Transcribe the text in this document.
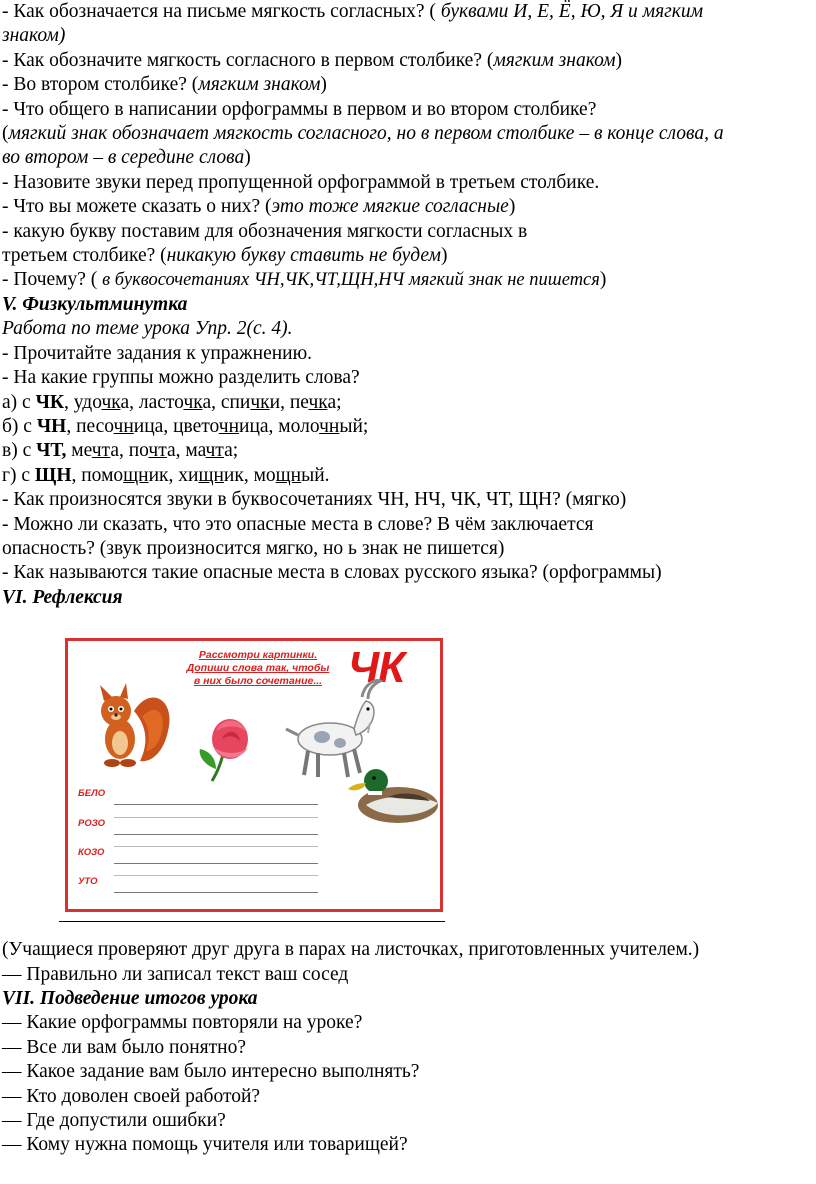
- Как обозначается на письме мягкость согласных? ( буквами И, Е, Ё, Ю, Я и мягким
знаком)
- Как обозначите мягкость согласного в первом столбике? (мягким знаком)
- Во втором столбике? (мягким знаком)
- Что общего в написании орфограммы в первом и во втором столбике?
(мягкий знак обозначает мягкость согласного, но в первом столбике – в конце слова, а
во втором – в середине слова)
- Назовите звуки перед пропущенной орфограммой в третьем столбике.
- Что вы можете сказать о них? (это тоже мягкие согласные)
- какую букву поставим для обозначения мягкости согласных в
третьем столбике? (никакую букву ставить не будем)
- Почему? ( в буквосочетаниях ЧН,ЧК,ЧТ,ЩН,НЧ мягкий знак не пишется)
V. Физкультминутка
Работа по теме урока Упр. 2(с. 4).
- Прочитайте задания к упражнению.
- На какие группы можно разделить слова?
а) с ЧК, удочка, ласточка, спички, печка;
б) с ЧН, песочница, цветочница, молочный;
в) с ЧТ, мечта, почта, мачта;
г) с ЩН, помощник, хищник, мощный.
- Как произносятся звуки в буквосочетаниях ЧН, НЧ, ЧК, ЧТ, ЩН? (мягко)
- Можно ли сказать, что это опасные места в слове? В чём заключается
опасность? (звук произносится мягко, но ь знак не пишется)
- Как называются такие опасные места в словах русского языка? (орфограммы)
VI. Рефлексия
Рассмотри картинки.
Допиши слова так, чтобы
в них было сочетание... ЧК
БЕЛО
РОЗО
КОЗО
УТО
(Учащиеся проверяют друг друга в парах на листочках, приготовленных учителем.)
— Правильно ли записал текст ваш сосед
VII. Подведение итогов урока
— Какие орфограммы повторяли на уроке?
— Все ли вам было понятно?
— Какое задание вам было интересно выполнять?
— Кто доволен своей работой?
— Где допустили ошибки?
— Кому нужна помощь учителя или товарищей?
